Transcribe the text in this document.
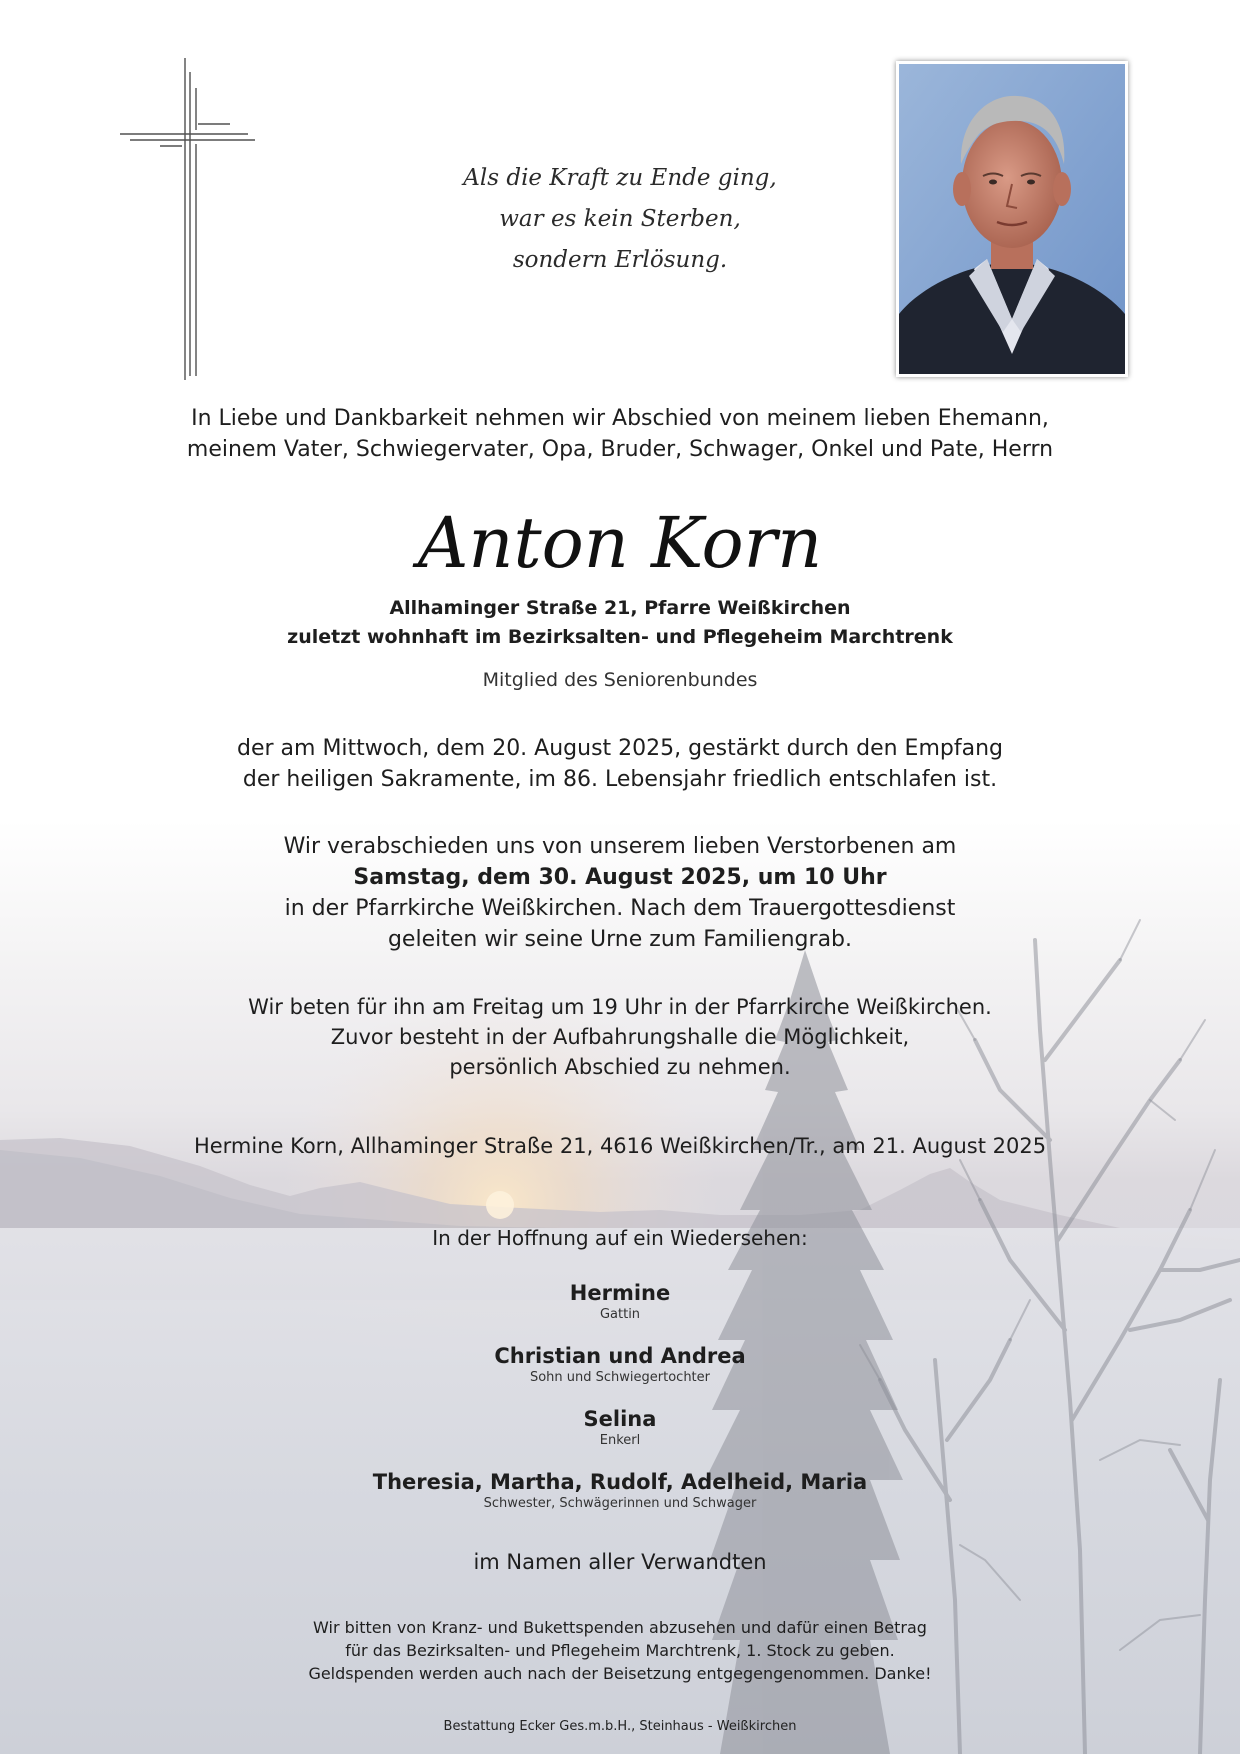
Als die Kraft zu Ende ging,
war es kein Sterben,
sondern Erlösung.
In Liebe und Dankbarkeit nehmen wir Abschied von meinem lieben Ehemann,
meinem Vater, Schwiegervater, Opa, Bruder, Schwager, Onkel und Pate, Herrn
Anton Korn
Allhaminger Straße 21, Pfarre Weißkirchen
zuletzt wohnhaft im Bezirksalten- und Pflegeheim Marchtrenk
Mitglied des Seniorenbundes
der am Mittwoch, dem 20. August 2025, gestärkt durch den Empfang
der heiligen Sakramente, im 86. Lebensjahr friedlich entschlafen ist.
Wir verabschieden uns von unserem lieben Verstorbenen am
Samstag, dem 30. August 2025, um 10 Uhr
in der Pfarrkirche Weißkirchen. Nach dem Trauergottesdienst
geleiten wir seine Urne zum Familiengrab.
Wir beten für ihn am Freitag um 19 Uhr in der Pfarrkirche Weißkirchen.
Zuvor besteht in der Aufbahrungshalle die Möglichkeit,
persönlich Abschied zu nehmen.
Hermine Korn, Allhaminger Straße 21, 4616 Weißkirchen/Tr., am 21. August 2025
In der Hoffnung auf ein Wiedersehen:
Hermine
Gattin
Christian und Andrea
Sohn und Schwiegertochter
Selina
Enkerl
Theresia, Martha, Rudolf, Adelheid, Maria
Schwester, Schwägerinnen und Schwager
im Namen aller Verwandten
Wir bitten von Kranz- und Bukettspenden abzusehen und dafür einen Betrag
für das Bezirksalten- und Pflegeheim Marchtrenk, 1. Stock zu geben.
Geldspenden werden auch nach der Beisetzung entgegengenommen. Danke!
Bestattung Ecker Ges.m.b.H., Steinhaus - Weißkirchen
